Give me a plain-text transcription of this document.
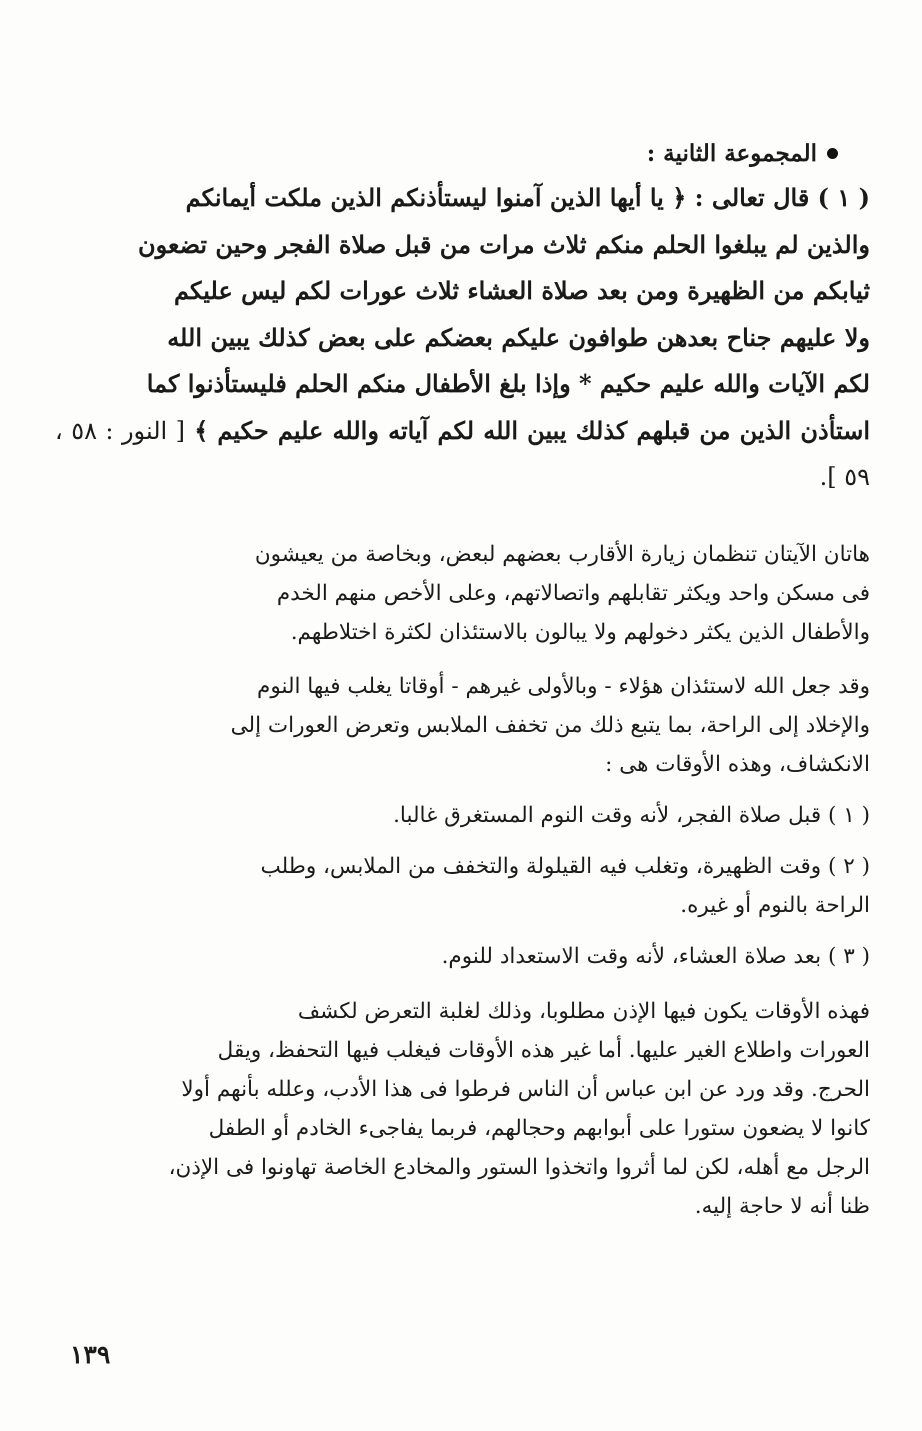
المجموعة الثانية :

( ١ ) قال تعالى : ﴿ يا أيها الذين آمنوا ليستأذنكم الذين ملكت أيمانكم
والذين لم يبلغوا الحلم منكم ثلاث مرات من قبل صلاة الفجر وحين تضعون
ثيابكم من الظهيرة ومن بعد صلاة العشاء ثلاث عورات لكم ليس عليكم
ولا عليهم جناح بعدهن طوافون عليكم بعضكم على بعض كذلك يبين الله
لكم الآيات والله عليم حكيم * وإذا بلغ الأطفال منكم الحلم فليستأذنوا كما
استأذن الذين من قبلهم كذلك يبين الله لكم آياته والله عليم حكيم ﴾ [ النور : ٥٨ ، ٥٩ ].

هاتان الآيتان تنظمان زيارة الأقارب بعضهم لبعض، وبخاصة من يعيشون
فى مسكن واحد ويكثر تقابلهم واتصالاتهم، وعلى الأخص منهم الخدم
والأطفال الذين يكثر دخولهم ولا يبالون بالاستئذان لكثرة اختلاطهم.

وقد جعل الله لاستئذان هؤلاء - وبالأولى غيرهم - أوقاتا يغلب فيها النوم
والإخلاد إلى الراحة، بما يتبع ذلك من تخفف الملابس وتعرض العورات إلى
الانكشاف، وهذه الأوقات هى :

( ١ ) قبل صلاة الفجر، لأنه وقت النوم المستغرق غالبا.

( ٢ ) وقت الظهيرة، وتغلب فيه القيلولة والتخفف من الملابس، وطلب
الراحة بالنوم أو غيره.

( ٣ ) بعد صلاة العشاء، لأنه وقت الاستعداد للنوم.

فهذه الأوقات يكون فيها الإذن مطلوبا، وذلك لغلبة التعرض لكشف
العورات واطلاع الغير عليها. أما غير هذه الأوقات فيغلب فيها التحفظ، ويقل
الحرج. وقد ورد عن ابن عباس أن الناس فرطوا فى هذا الأدب، وعلله بأنهم أولا
كانوا لا يضعون ستورا على أبوابهم وحجالهم، فربما يفاجىء الخادم أو الطفل
الرجل مع أهله، لكن لما أثروا واتخذوا الستور والمخادع الخاصة تهاونوا فى الإذن،
ظنا أنه لا حاجة إليه.

١٣٩
